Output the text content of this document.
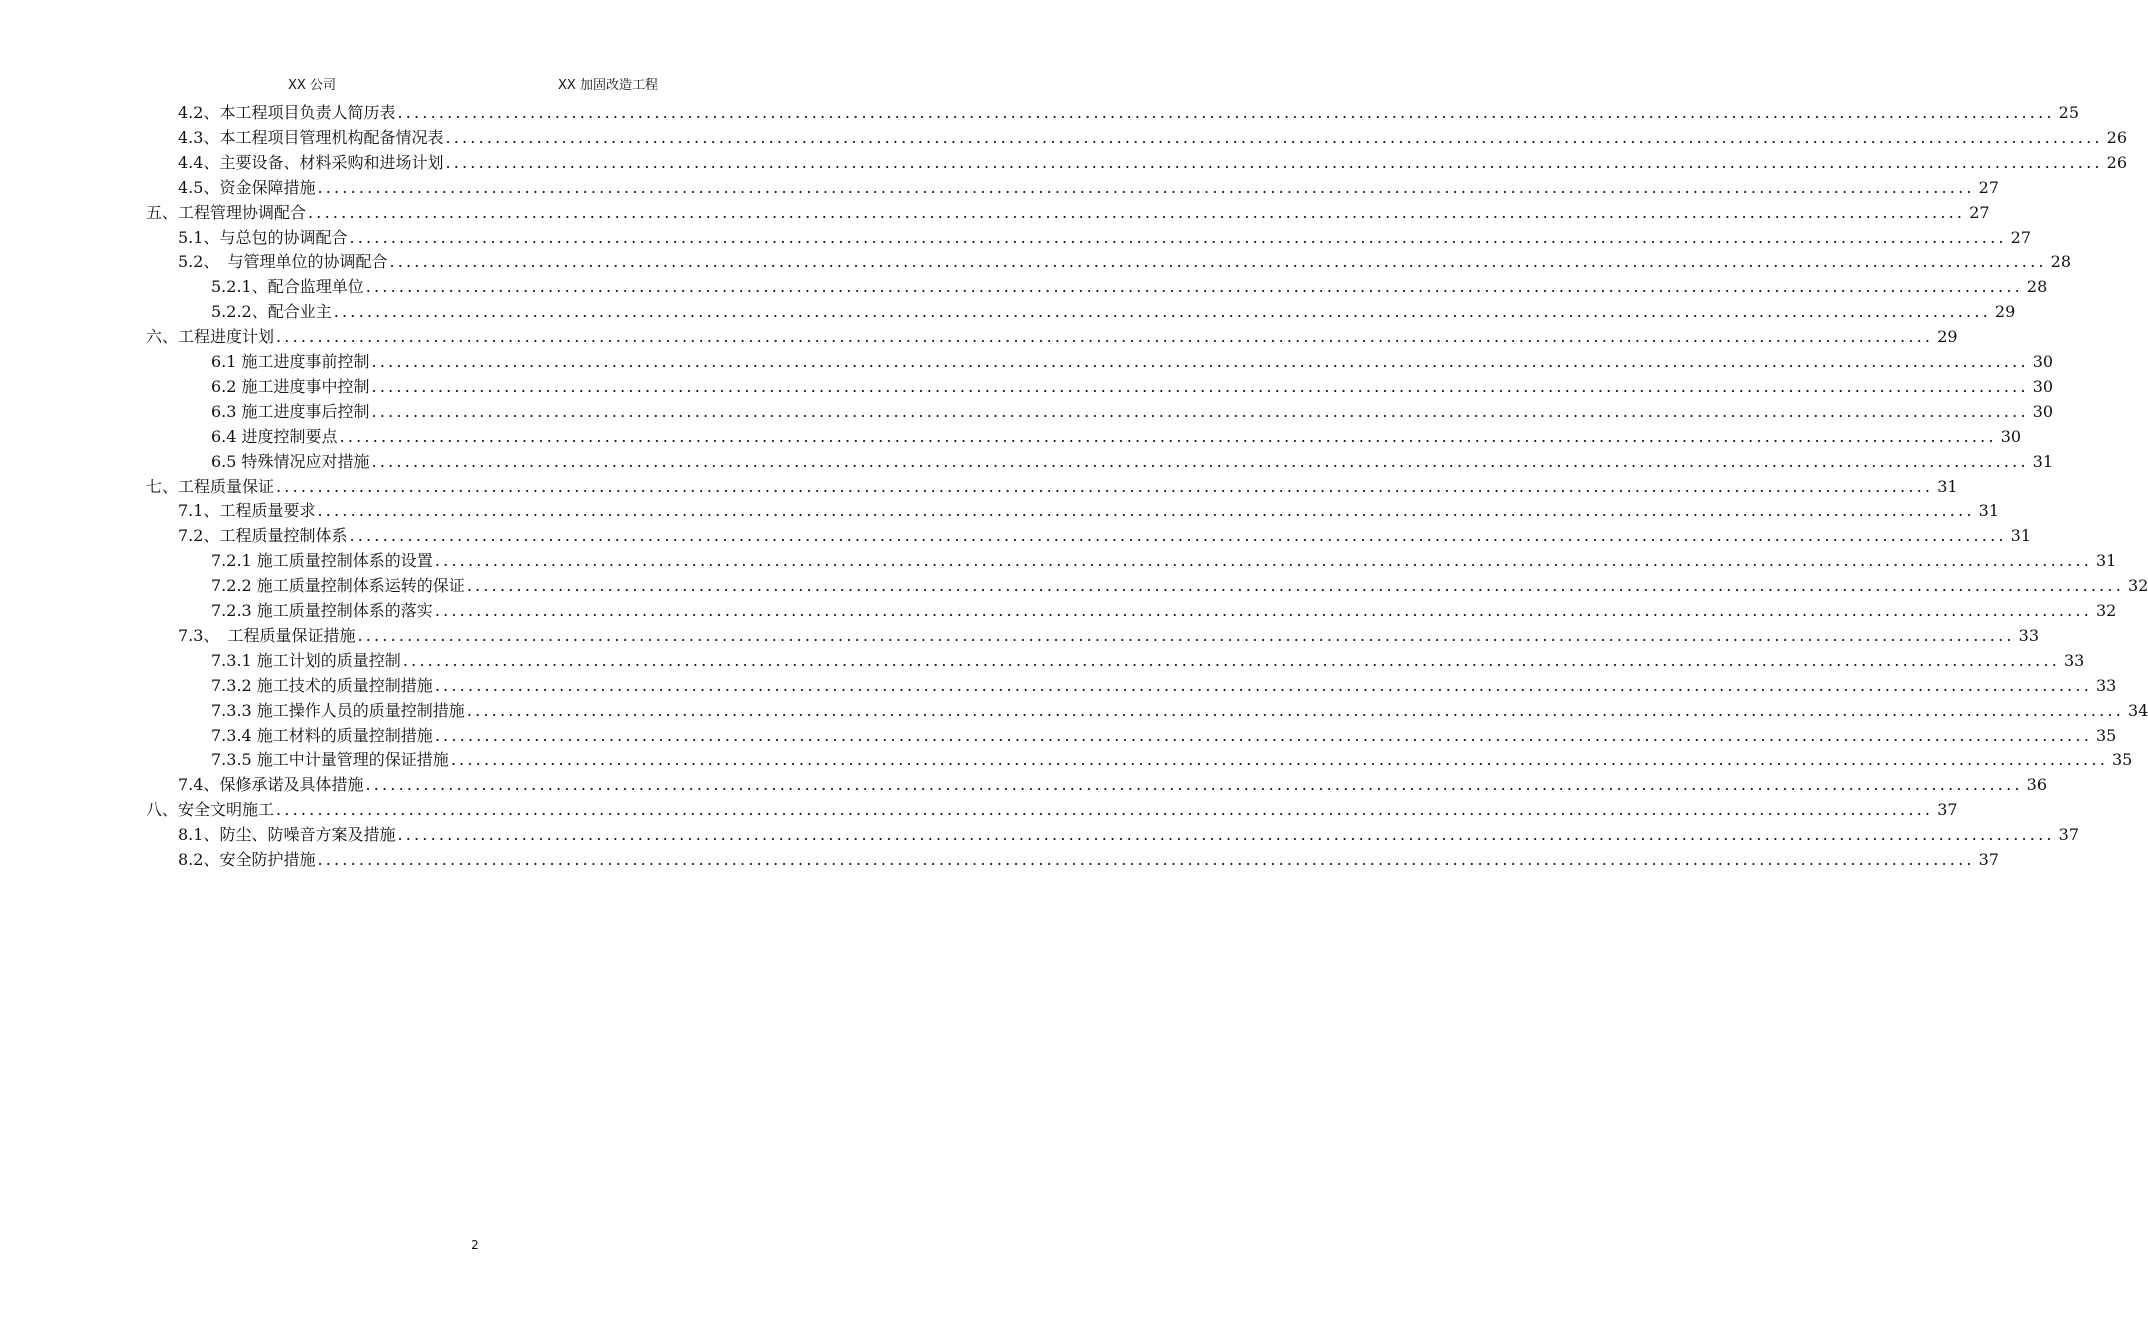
XX 公司	XX 加固改造工程
4.2、本工程项目负责人简历表 ........................................................................................................................................................................................................ 25
4.3、本工程项目管理机构配备情况表 ........................................................................................................................................................................................................ 26
4.4、主要设备、材料采购和进场计划 ........................................................................................................................................................................................................ 26
4.5、资金保障措施 ........................................................................................................................................................................................................ 27
五、工程管理协调配合 ........................................................................................................................................................................................................ 27
5.1、与总包的协调配合 ........................................................................................................................................................................................................ 27
5.2、　与管理单位的协调配合 ........................................................................................................................................................................................................ 28
5.2.1、配合监理单位 ........................................................................................................................................................................................................ 28
5.2.2、配合业主 ........................................................................................................................................................................................................ 29
六、工程进度计划 ........................................................................................................................................................................................................ 29
6.1 施工进度事前控制 ........................................................................................................................................................................................................ 30
6.2 施工进度事中控制 ........................................................................................................................................................................................................ 30
6.3 施工进度事后控制 ........................................................................................................................................................................................................ 30
6.4 进度控制要点 ........................................................................................................................................................................................................ 30
6.5 特殊情况应对措施 ........................................................................................................................................................................................................ 31
七、工程质量保证 ........................................................................................................................................................................................................ 31
7.1、工程质量要求 ........................................................................................................................................................................................................ 31
7.2、工程质量控制体系 ........................................................................................................................................................................................................ 31
7.2.1 施工质量控制体系的设置 ........................................................................................................................................................................................................ 31
7.2.2 施工质量控制体系运转的保证 ........................................................................................................................................................................................................ 32
7.2.3 施工质量控制体系的落实 ........................................................................................................................................................................................................ 32
7.3、　工程质量保证措施 ........................................................................................................................................................................................................ 33
7.3.1 施工计划的质量控制 ........................................................................................................................................................................................................ 33
7.3.2 施工技术的质量控制措施 ........................................................................................................................................................................................................ 33
7.3.3 施工操作人员的质量控制措施 ........................................................................................................................................................................................................ 34
7.3.4 施工材料的质量控制措施 ........................................................................................................................................................................................................ 35
7.3.5 施工中计量管理的保证措施 ........................................................................................................................................................................................................ 35
7.4、保修承诺及具体措施 ........................................................................................................................................................................................................ 36
八、安全文明施工 ........................................................................................................................................................................................................ 37
8.1、防尘、防噪音方案及措施 ........................................................................................................................................................................................................ 37
8.2、安全防护措施 ........................................................................................................................................................................................................ 37
2
